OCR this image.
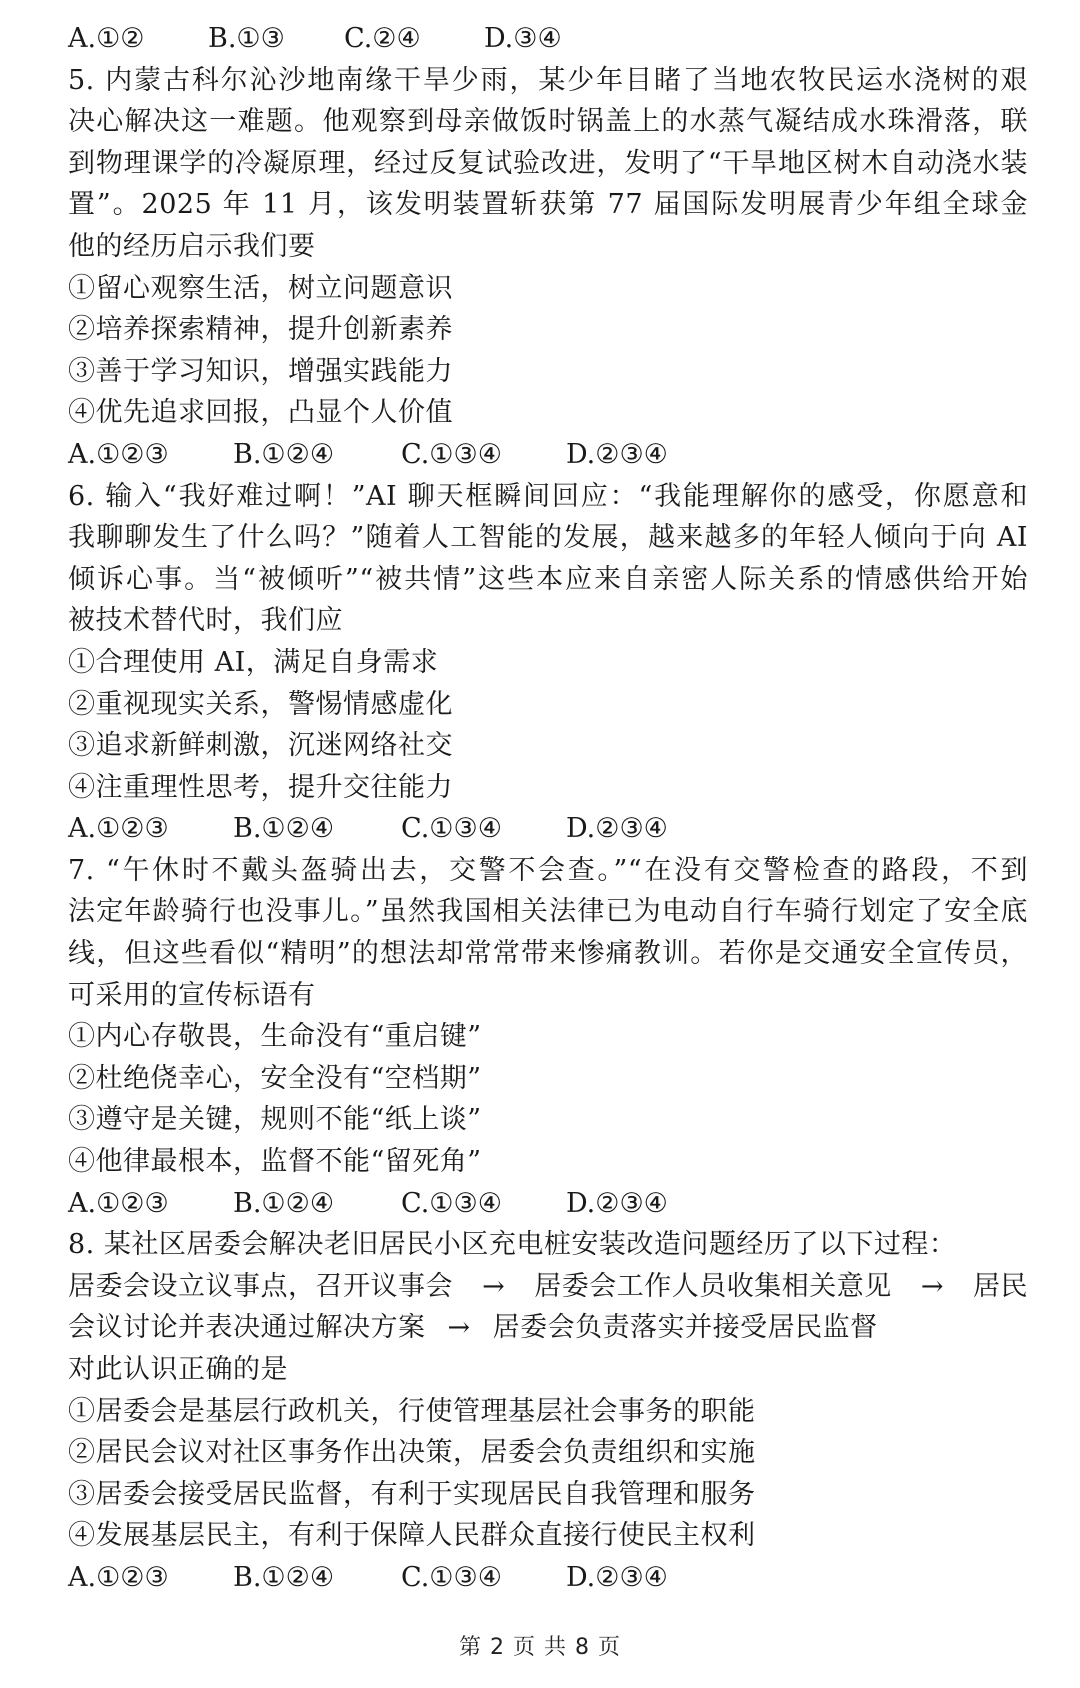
A.①②	B.①③	C.②④	D.③④
5. 内蒙古科尔沁沙地南缘干旱少雨，某少年目睹了当地农牧民运水浇树的艰
决心解决这一难题。他观察到母亲做饭时锅盖上的水蒸气凝结成水珠滑落，联
到物理课学的冷凝原理，经过反复试验改进，发明了“干旱地区树木自动浇水装
置”。2025 年 11 月，该发明装置斩获第 77 届国际发明展青少年组全球金
他的经历启示我们要
①留心观察生活，树立问题意识
②培养探索精神，提升创新素养
③善于学习知识，增强实践能力
④优先追求回报，凸显个人价值
A.①②③	B.①②④	C.①③④	D.②③④
6. 输入“我好难过啊！”AI 聊天框瞬间回应：“我能理解你的感受，你愿意和
我聊聊发生了什么吗？”随着人工智能的发展，越来越多的年轻人倾向于向 AI
倾诉心事。当“被倾听”“被共情”这些本应来自亲密人际关系的情感供给开始
被技术替代时，我们应
①合理使用 AI，满足自身需求
②重视现实关系，警惕情感虚化
③追求新鲜刺激，沉迷网络社交
④注重理性思考，提升交往能力
A.①②③	B.①②④	C.①③④	D.②③④
7. “午休时不戴头盔骑出去，交警不会查。”“在没有交警检查的路段，不到
法定年龄骑行也没事儿。”虽然我国相关法律已为电动自行车骑行划定了安全底
线，但这些看似“精明”的想法却常常带来惨痛教训。若你是交通安全宣传员，
可采用的宣传标语有
①内心存敬畏，生命没有“重启键”
②杜绝侥幸心，安全没有“空档期”
③遵守是关键，规则不能“纸上谈”
④他律最根本，监督不能“留死角”
A.①②③	B.①②④	C.①③④	D.②③④
8. 某社区居委会解决老旧居民小区充电桩安装改造问题经历了以下过程：
居委会设立议事点，召开议事会 → 居委会工作人员收集相关意见 → 居民
会议讨论并表决通过解决方案 → 居委会负责落实并接受居民监督
对此认识正确的是
①居委会是基层行政机关，行使管理基层社会事务的职能
②居民会议对社区事务作出决策，居委会负责组织和实施
③居委会接受居民监督，有利于实现居民自我管理和服务
④发展基层民主，有利于保障人民群众直接行使民主权利
A.①②③	B.①②④	C.①③④	D.②③④
第 2 页 共 8 页
